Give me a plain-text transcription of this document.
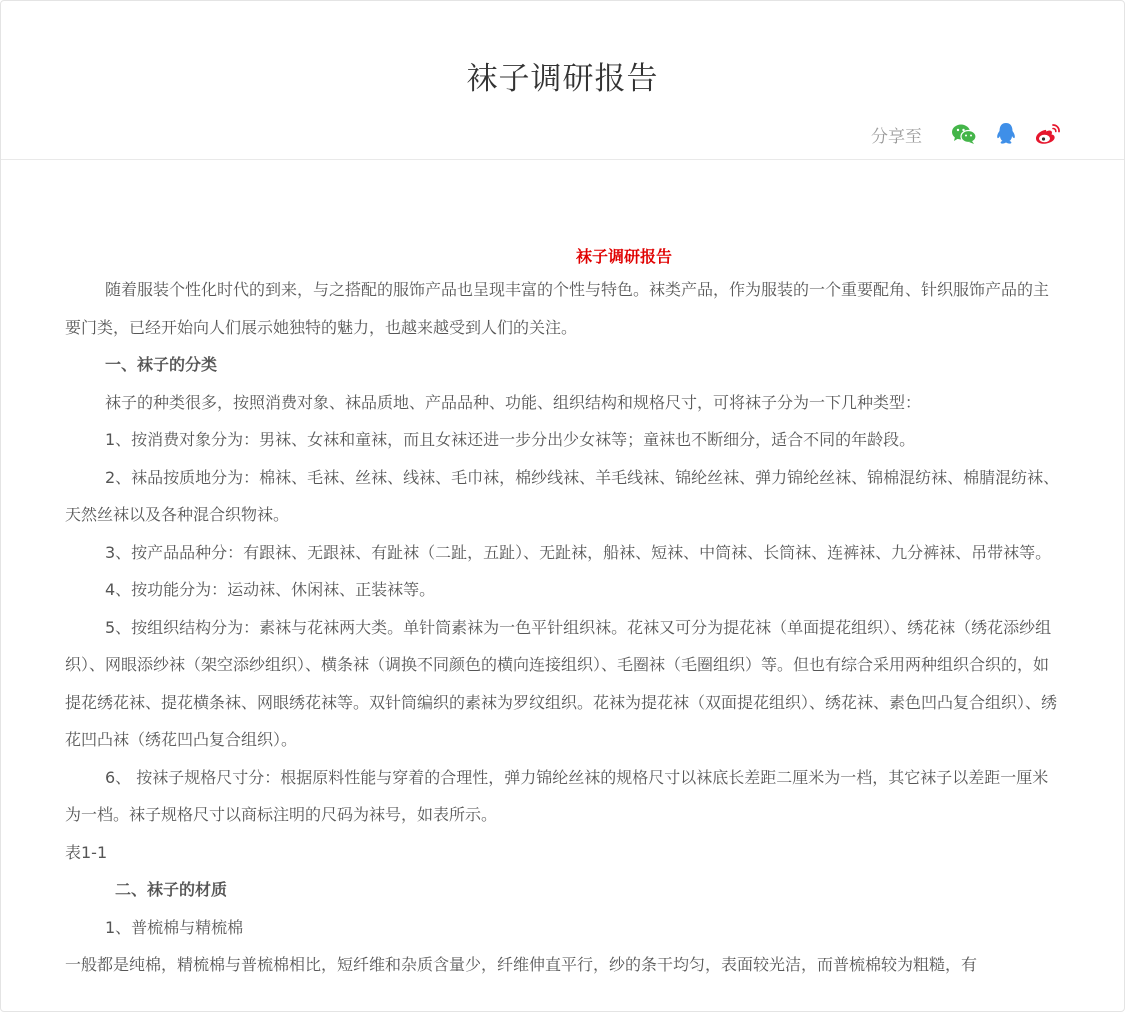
袜子调研报告
分享至

袜子调研报告

随着服装个性化时代的到来，与之搭配的服饰产品也呈现丰富的个性与特色。袜类产品，作为服装的一个重要配角、针织服饰产品的主要门类，已经开始向人们展示她独特的魅力，也越来越受到人们的关注。

一、袜子的分类

袜子的种类很多，按照消费对象、袜品质地、产品品种、功能、组织结构和规格尺寸，可将袜子分为一下几种类型：

1、按消费对象分为：男袜、女袜和童袜，而且女袜还进一步分出少女袜等；童袜也不断细分，适合不同的年龄段。

2、袜品按质地分为：棉袜、毛袜、丝袜、线袜、毛巾袜，棉纱线袜、羊毛线袜、锦纶丝袜、弹力锦纶丝袜、锦棉混纺袜、棉腈混纺袜、天然丝袜以及各种混合织物袜。

3、按产品品种分：有跟袜、无跟袜、有趾袜（二趾，五趾）、无趾袜，船袜、短袜、中筒袜、长筒袜、连裤袜、九分裤袜、吊带袜等。

4、按功能分为：运动袜、休闲袜、正装袜等。

5、按组织结构分为：素袜与花袜两大类。单针筒素袜为一色平针组织袜。花袜又可分为提花袜（单面提花组织）、绣花袜（绣花添纱组织）、网眼添纱袜（架空添纱组织）、横条袜（调换不同颜色的横向连接组织）、毛圈袜（毛圈组织）等。但也有综合采用两种组织合织的，如提花绣花袜、提花横条袜、网眼绣花袜等。双针筒编织的素袜为罗纹组织。花袜为提花袜（双面提花组织）、绣花袜、素色凹凸复合组织）、绣花凹凸袜（绣花凹凸复合组织）。

6、 按袜子规格尺寸分：根据原料性能与穿着的合理性，弹力锦纶丝袜的规格尺寸以袜底长差距二厘米为一档，其它袜子以差距一厘米为一档。袜子规格尺寸以商标注明的尺码为袜号，如表所示。

表1-1

二、袜子的材质

1、普梳棉与精梳棉

一般都是纯棉，精梳棉与普梳棉相比，短纤维和杂质含量少，纤维伸直平行，纱的条干均匀，表面较光洁，而普梳棉较为粗糙，有
